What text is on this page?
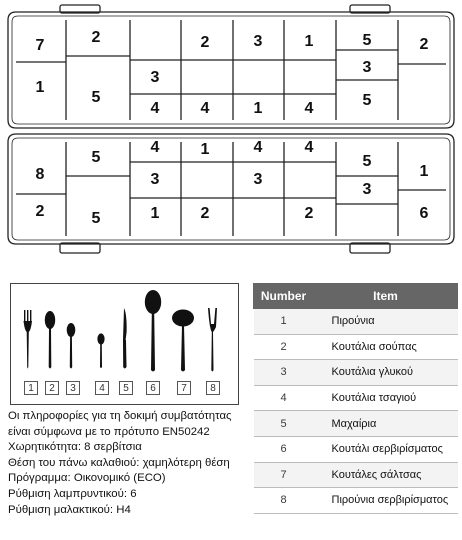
7	2	2	3	1	5	2
1
5
3
3
5
4	4	1	4
5
4	1	4	4
5
8	3
3
1
3
2	5	1	2	2	6
1	2	3	4	5	6	7	8
Οι πληροφορίες για τη δοκιμή συμβατότητας
είναι σύμφωνα με το πρότυπο EN50242
Χωρητικότητα: 8 σερβίτσια
Θέση του πάνω καλαθιού: χαμηλότερη θέση
Πρόγραμμα: Οικονομικό (ECO)
Ρύθμιση λαμπρυντικού: 6
Ρύθμιση μαλακτικού: H4
Number	Item
1	Πιρούνια
2	Κουτάλια σούπας
3	Κουτάλια γλυκού
4	Κουτάλια τσαγιού
5	Μαχαίρια
6	Κουτάλι σερβιρίσματος
7	Κουτάλες σάλτσας
8	Πιρούνια σερβιρίσματος
